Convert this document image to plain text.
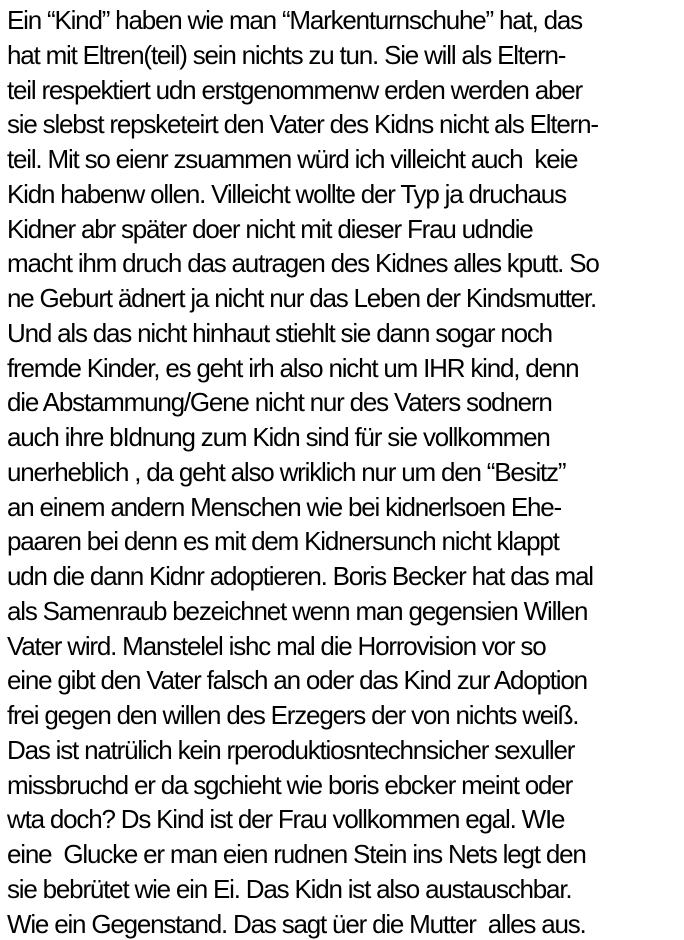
Ein “Kind” haben wie man “Markenturnschuhe” hat, das
hat mit Eltren(teil) sein nichts zu tun. Sie will als Eltern-
teil respektiert udn erstgenommenw erden werden aber
sie slebst repsketeirt den Vater des Kidns nicht als Eltern-
teil. Mit so eienr zsuammen würd ich villeicht auch  keie
Kidn habenw ollen. Villeicht wollte der Typ ja druchaus
Kidner abr später doer nicht mit dieser Frau udndie
macht ihm druch das autragen des Kidnes alles kputt. So
ne Geburt ädnert ja nicht nur das Leben der Kindsmutter.
Und als das nicht hinhaut stiehlt sie dann sogar noch
fremde Kinder, es geht irh also nicht um IHR kind, denn
die Abstammung/Gene nicht nur des Vaters sodnern
auch ihre bIdnung zum Kidn sind für sie vollkommen
unerheblich , da geht also wriklich nur um den “Besitz”
an einem andern Menschen wie bei kidnerlsoen Ehe-
paaren bei denn es mit dem Kidnersunch nicht klappt
udn die dann Kidnr adoptieren. Boris Becker hat das mal
als Samenraub bezeichnet wenn man gegensien Willen
Vater wird. Manstelel ishc mal die Horrovision vor so
eine gibt den Vater falsch an oder das Kind zur Adoption
frei gegen den willen des Erzegers der von nichts weiß.
Das ist natrülich kein rperoduktiosntechnsicher sexuller
missbruchd er da sgchieht wie boris ebcker meint oder
wta doch? Ds Kind ist der Frau vollkommen egal. WIe
eine  Glucke er man eien rudnen Stein ins Nets legt den
sie bebrütet wie ein Ei. Das Kidn ist also austauschbar.
Wie ein Gegenstand. Das sagt üer die Mutter  alles aus.
